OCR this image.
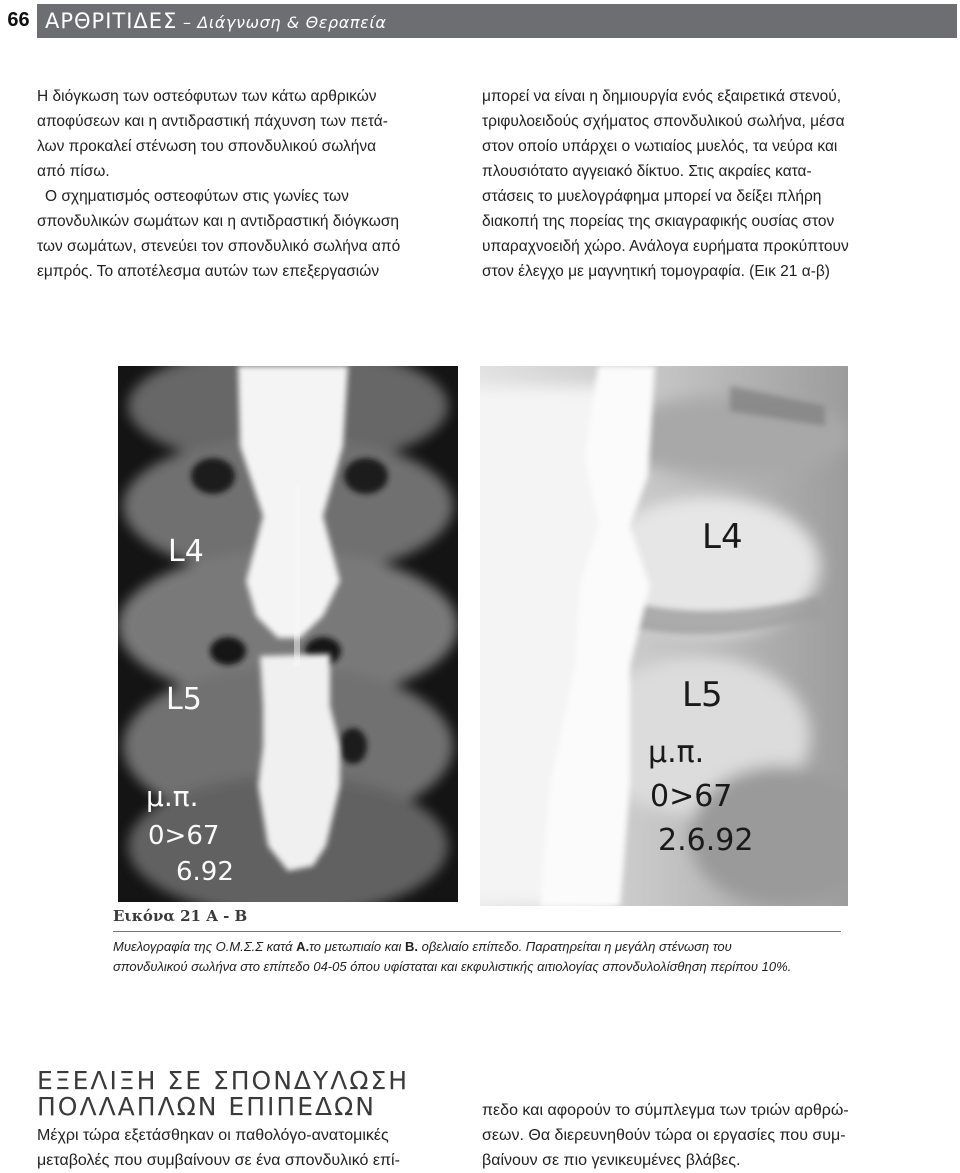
66 ΑΡΘΡΙΤΙΔΕΣ – Διάγνωση & Θεραπεία

Η διόγκωση των οστεόφυτων των κάτω αρθρικών

αποφύσεων και η αντιδραστική πάχυνση των πετά-

λων προκαλεί στένωση του σπονδυλικού σωλήνα

από πίσω.

Ο σχηματισμός οστεοφύτων στις γωνίες των

σπονδυλικών σωμάτων και η αντιδραστική διόγκωση

των σωμάτων, στενεύει τον σπονδυλικό σωλήνα από

εμπρός. Το αποτέλεσμα αυτών των επεξεργασιών

μπορεί να είναι η δημιουργία ενός εξαιρετικά στενού,

τριφυλοειδούς σχήματος σπονδυλικού σωλήνα, μέσα

στον οποίο υπάρχει ο νωτιαίος μυελός, τα νεύρα και

πλουσιότατο αγγειακό δίκτυο. Στις ακραίες κατα-

στάσεις το μυελογράφημα μπορεί να δείξει πλήρη

διακοπή της πορείας της σκιαγραφικής ουσίας στον

υπαραχνοειδή χώρο. Ανάλογα ευρήματα προκύπτουν

στον έλεγχο με μαγνητική τομογραφία. (Εικ 21 α-β)

L4
L5
μ.π.
0>67
6.92
L4
L5
μ.π.
0>67
2.6.92
Εικόνα 21 Α - Β

Μυελογραφία της Ο.Μ.Σ.Σ κατά Α.το μετωπιαίο και Β. οβελιαίο επίπεδο. Παρατηρείται η μεγάλη στένωση του

σπονδυλικού σωλήνα στο επίπεδο 04-05 όπου υφίσταται και εκφυλιστικής αιτιολογίας σπονδυλολίσθηση περίπου 10%.

ΕΞΕΛΙΞΗ ΣΕ ΣΠΟΝΔΥΛΩΣΗ
ΠΟΛΛΑΠΛΩΝ ΕΠΙΠΕΔΩΝ

Μέχρι τώρα εξετάσθηκαν οι παθολόγο-ανατομικές

μεταβολές που συμβαίνουν σε ένα σπονδυλικό επί-

πεδο και αφορούν το σύμπλεγμα των τριών αρθρώ-

σεων. Θα διερευνηθούν τώρα οι εργασίες που συμ-

βαίνουν σε πιο γενικευμένες βλάβες.
